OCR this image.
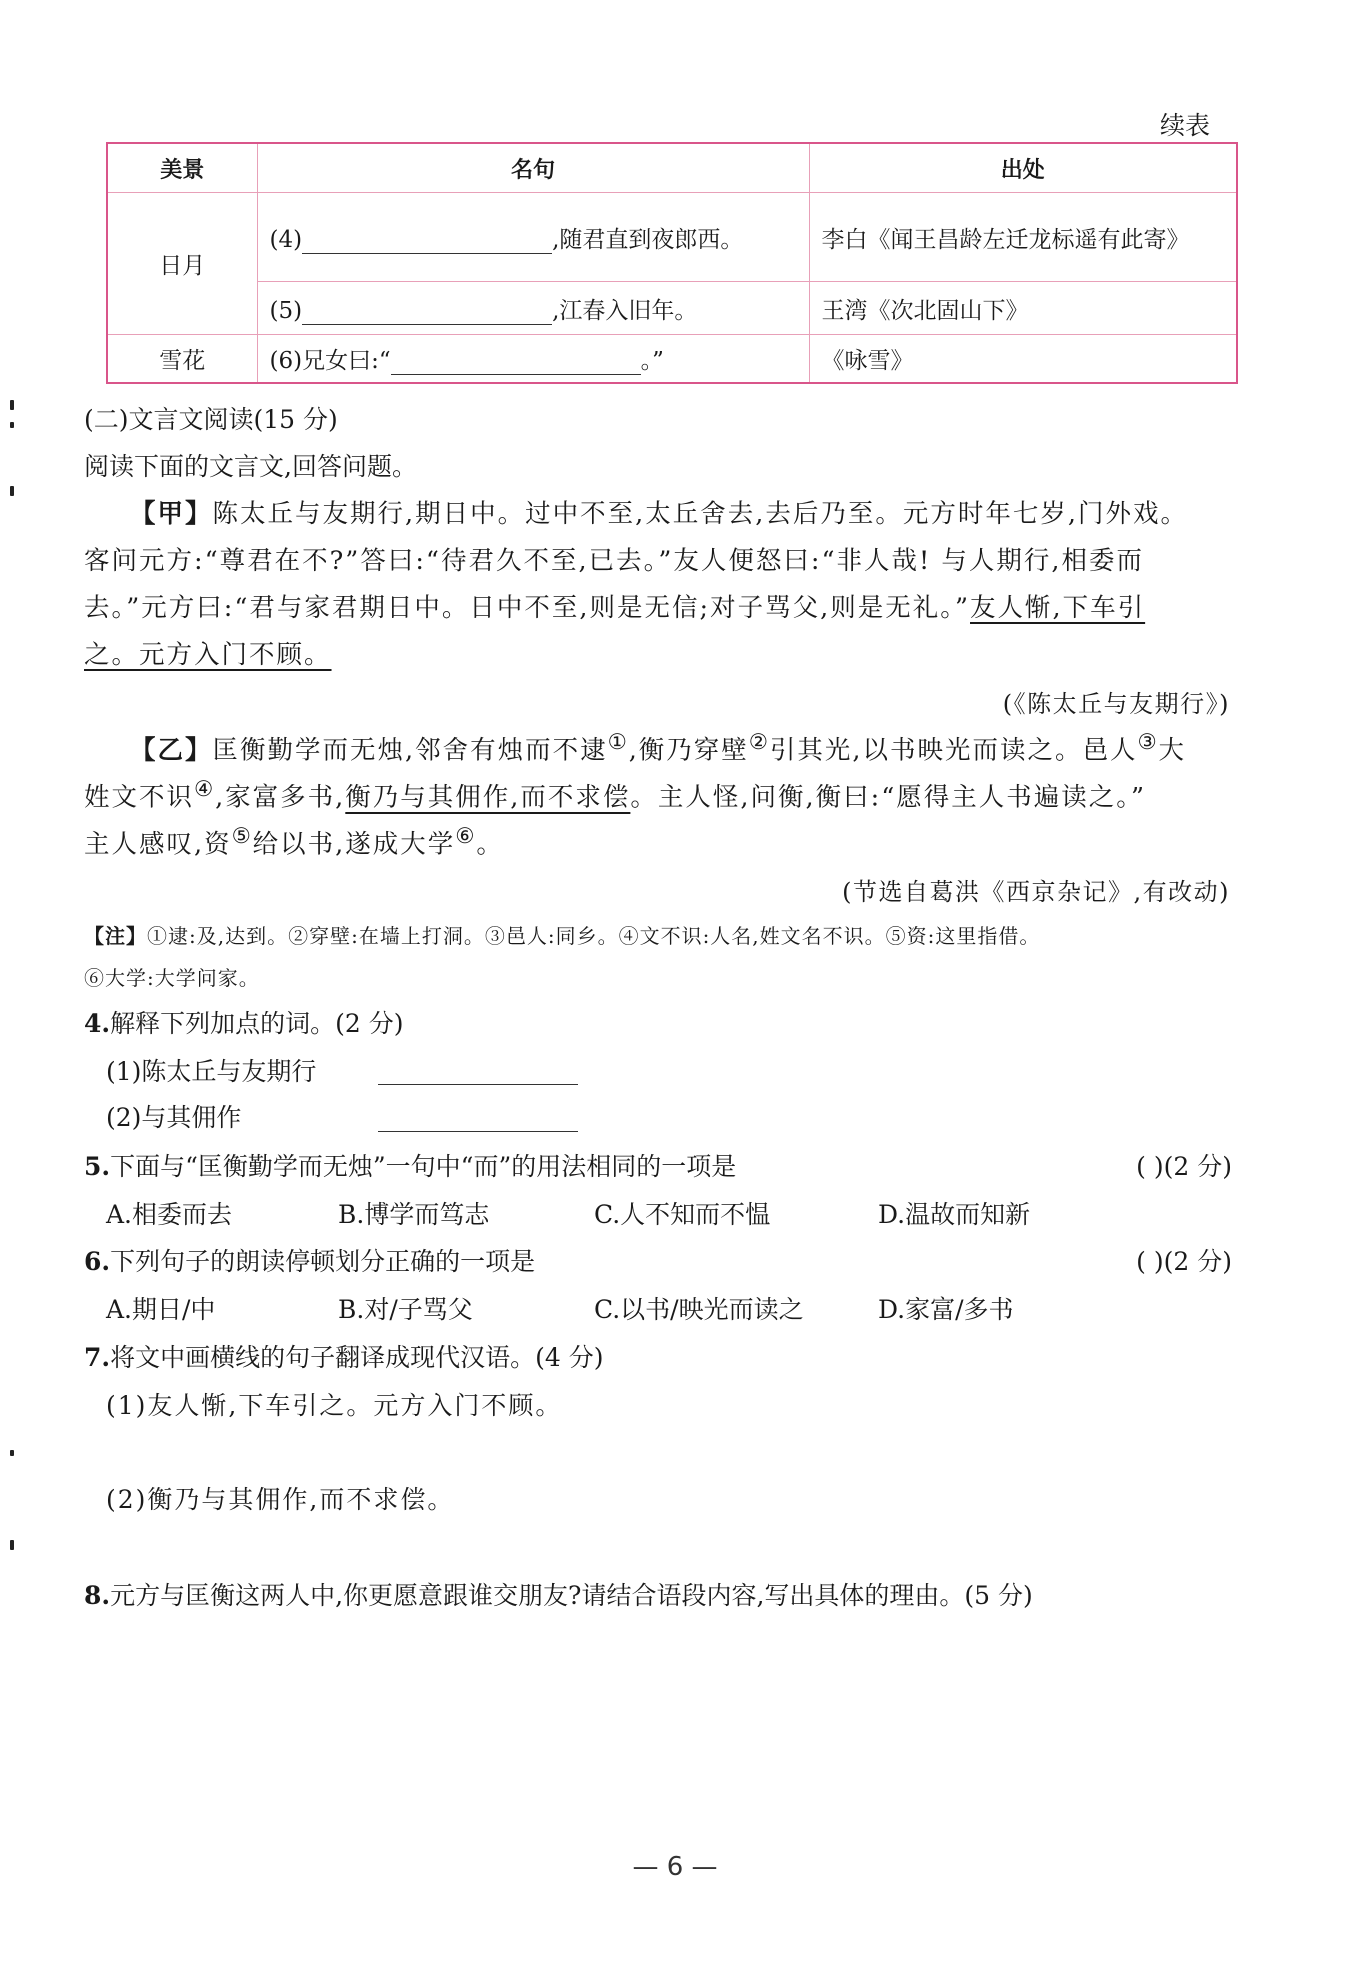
续表
美景	名句	出处
日月	(4) ,随君直到夜郎西。	李白《闻王昌龄左迁龙标遥有此寄》
	(5) ,江春入旧年。	王湾《次北固山下》
雪花	(6)兄女曰:“ 。”	《咏雪》
(二)文言文阅读(15 分)
阅读下面的文言文,回答问题。
【甲】陈太丘与友期行,期日中。过中不至,太丘舍去,去后乃至。元方时年七岁,门外戏。
客问元方:“尊君在不?”答曰:“待君久不至,已去。”友人便怒曰:“非人哉! 与人期行,相委而
去。”元方曰:“君与家君期日中。日中不至,则是无信;对子骂父,则是无礼。”友人惭,下车引
之。元方入门不顾。
(《陈太丘与友期行》)
【乙】匡衡勤学而无烛,邻舍有烛而不逮①,衡乃穿壁②引其光,以书映光而读之。邑人③大
姓文不识④,家富多书,衡乃与其佣作,而不求偿。主人怪,问衡,衡曰:“愿得主人书遍读之。”
主人感叹,资⑤给以书,遂成大学⑥。
(节选自葛洪《西京杂记》,有改动)
【注】①逮:及,达到。②穿壁:在墙上打洞。③邑人:同乡。④文不识:人名,姓文名不识。⑤资:这里指借。
⑥大学:大学问家。
4.解释下列加点的词。(2 分)
(1)陈太丘与友期行
(2)与其佣作
5.下面与“匡衡勤学而无烛”一句中“而”的用法相同的一项是	( )(2 分)
A.相委而去	B.博学而笃志	C.人不知而不愠	D.温故而知新
6.下列句子的朗读停顿划分正确的一项是	( )(2 分)
A.期日/中	B.对/子骂父	C.以书/映光而读之	D.家富/多书
7.将文中画横线的句子翻译成现代汉语。(4 分)
(1)友人惭,下车引之。元方入门不顾。
(2)衡乃与其佣作,而不求偿。
8.元方与匡衡这两人中,你更愿意跟谁交朋友?请结合语段内容,写出具体的理由。(5 分)
— 6 —
